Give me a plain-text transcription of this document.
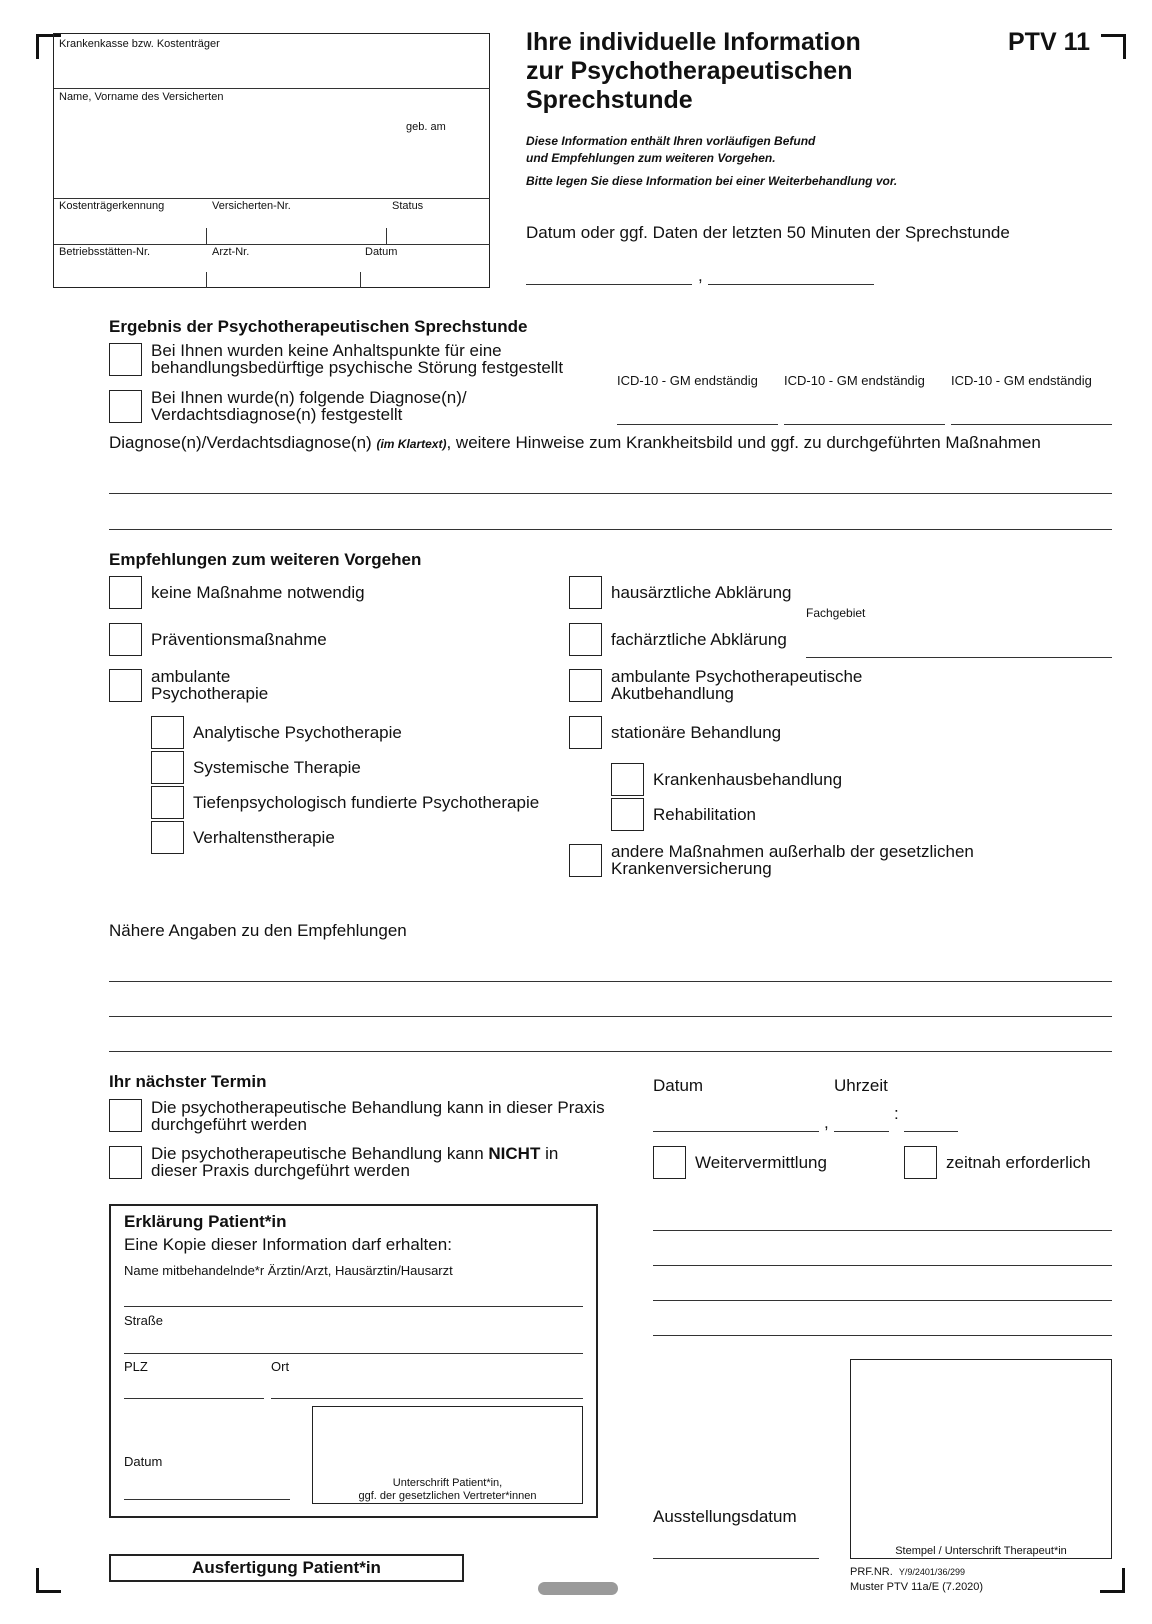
Krankenkasse bzw. Kostenträger
Name, Vorname des Versicherten
geb. am
Kostenträgerkennung	Versicherten-Nr.	Status
Betriebsstätten-Nr.	Arzt-Nr.	Datum
Ihre individuelle Information
zur Psychotherapeutischen
Sprechstunde
PTV 11
Diese Information enthält Ihren vorläufigen Befund
und Empfehlungen zum weiteren Vorgehen.
Bitte legen Sie diese Information bei einer Weiterbehandlung vor.
Datum oder ggf. Daten der letzten 50 Minuten der Sprechstunde
,
Ergebnis der Psychotherapeutischen Sprechstunde
Bei Ihnen wurden keine Anhaltspunkte für eine
behandlungsbedürftige psychische Störung festgestellt
Bei Ihnen wurde(n) folgende Diagnose(n)/
Verdachtsdiagnose(n) festgestellt
ICD-10 - GM endständig ICD-10 - GM endständig ICD-10 - GM endständig
Diagnose(n)/Verdachtsdiagnose(n) (im Klartext), weitere Hinweise zum Krankheitsbild und ggf. zu durchgeführten Maßnahmen
Empfehlungen zum weiteren Vorgehen
keine Maßnahme notwendig
Präventionsmaßnahme
ambulante
Psychotherapie
Analytische Psychotherapie
Systemische Therapie
Tiefenpsychologisch fundierte Psychotherapie
Verhaltenstherapie
hausärztliche Abklärung
Fachgebiet
fachärztliche Abklärung
ambulante Psychotherapeutische
Akutbehandlung
stationäre Behandlung
Krankenhausbehandlung
Rehabilitation
andere Maßnahmen außerhalb der gesetzlichen
Krankenversicherung
Nähere Angaben zu den Empfehlungen
Ihr nächster Termin
Die psychotherapeutische Behandlung kann in dieser Praxis
durchgeführt werden
Die psychotherapeutische Behandlung kann NICHT in
dieser Praxis durchgeführt werden
Datum	Uhrzeit
,	:
Weitervermittlung	zeitnah erforderlich
Erklärung Patient*in
Eine Kopie dieser Information darf erhalten:
Name mitbehandelnde*r Ärztin/Arzt, Hausärztin/Hausarzt
Straße
PLZ	Ort
Unterschrift Patient*in,
ggf. der gesetzlichen Vertreter*innen
Datum
Stempel / Unterschrift Therapeut*in
Ausstellungsdatum
Ausfertigung Patient*in	PRF.NR. Y/9/2401/36/299
Muster PTV 11a/E (7.2020)
